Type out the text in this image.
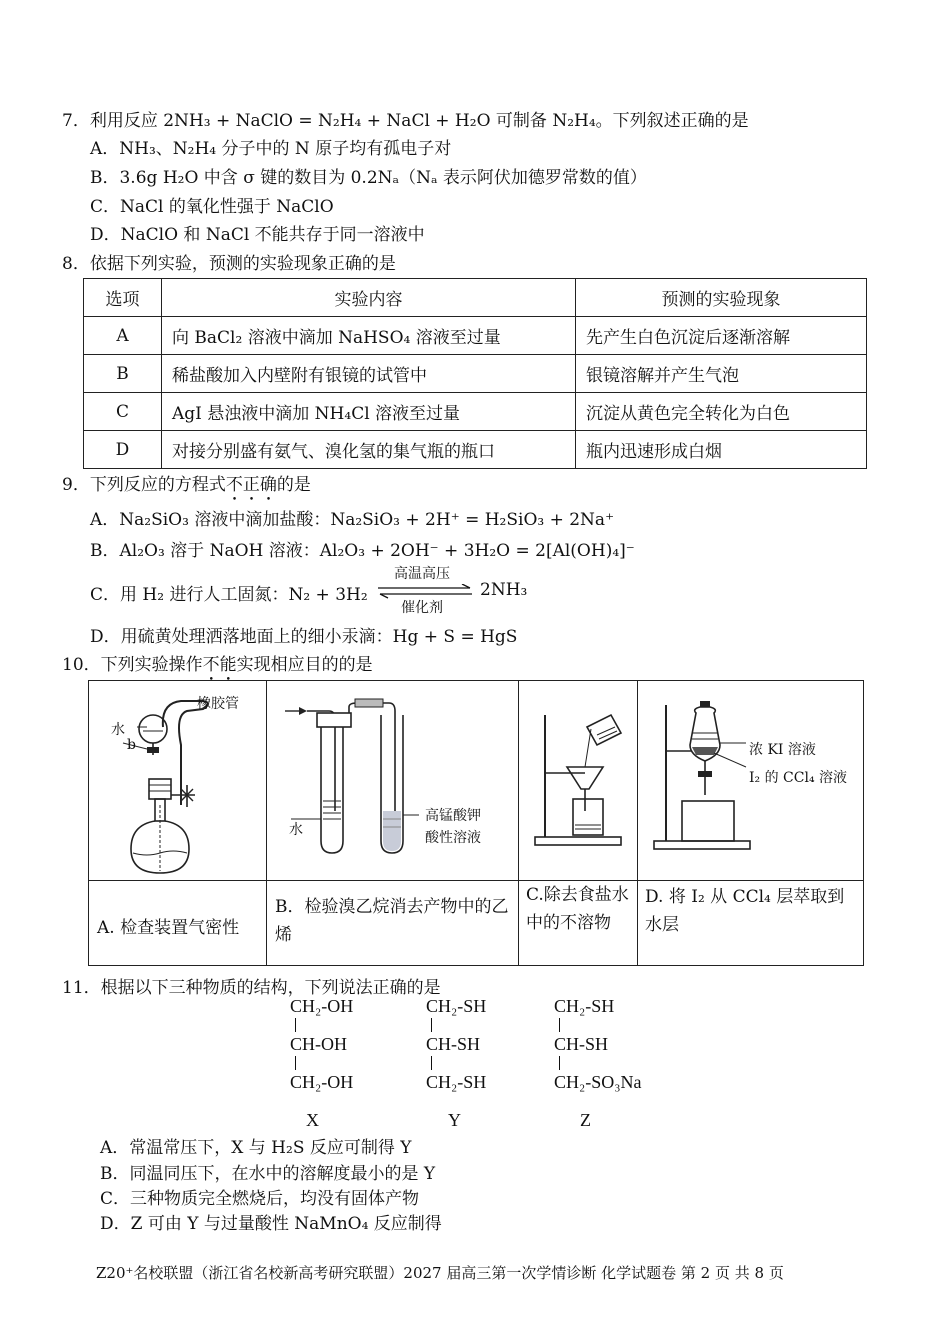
7．利用反应 2NH₃ + NaClO = N₂H₄ + NaCl + H₂O 可制备 N₂H₄。下列叙述正确的是
A．NH₃、N₂H₄ 分子中的 N 原子均有孤电子对
B．3.6g H₂O 中含 σ 键的数目为 0.2Nₐ（Nₐ 表示阿伏加德罗常数的值）
C．NaCl 的氧化性强于 NaClO
D．NaClO 和 NaCl 不能共存于同一溶液中
8．依据下列实验，预测的实验现象正确的是
选项	实验内容	预测的实验现象
A	向 BaCl₂ 溶液中滴加 NaHSO₄ 溶液至过量	先产生白色沉淀后逐渐溶解
B	稀盐酸加入内壁附有银镜的试管中	银镜溶解并产生气泡
C	AgI 悬浊液中滴加 NH₄Cl 溶液至过量	沉淀从黄色完全转化为白色
D	对接分别盛有氨气、溴化氢的集气瓶的瓶口	瓶内迅速形成白烟
9．下列反应的方程式不正确的是
A．Na₂SiO₃ 溶液中滴加盐酸：Na₂SiO₃ + 2H⁺ = H₂SiO₃ + 2Na⁺
B．Al₂O₃ 溶于 NaOH 溶液：Al₂O₃ + 2OH⁻ + 3H₂O = 2[Al(OH)₄]⁻
C．用 H₂ 进行人工固氮：N₂ + 3H₂
高温高压
催化剂
2NH₃
D．用硫黄处理洒落地面上的细小汞滴：Hg + S = HgS
10．下列实验操作不能实现相应目的的是
橡胶管
水
b
水
高锰酸钾
酸性溶液
浓 KI 溶液
I₂ 的 CCl₄ 溶液
A. 检查装置气密性
B．检验溴乙烷消去产物中的乙烯
C.除去食盐水中的不溶物
D. 将 I₂ 从 CCl₄ 层萃取到水层
11．根据以下三种物质的结构，下列说法正确的是
CH₂-OH
CH-OH
CH₂-OH
X
CH₂-SH
CH-SH
CH₂-SH
Y
CH₂-SH
CH-SH
CH₂-SO₃Na
Z
A．常温常压下，X 与 H₂S 反应可制得 Y
B．同温同压下，在水中的溶解度最小的是 Y
C．三种物质完全燃烧后，均没有固体产物
D．Z 可由 Y 与过量酸性 NaMnO₄ 反应制得
Z20⁺名校联盟（浙江省名校新高考研究联盟）2027 届高三第一次学情诊断 化学试题卷 第 2 页 共 8 页
